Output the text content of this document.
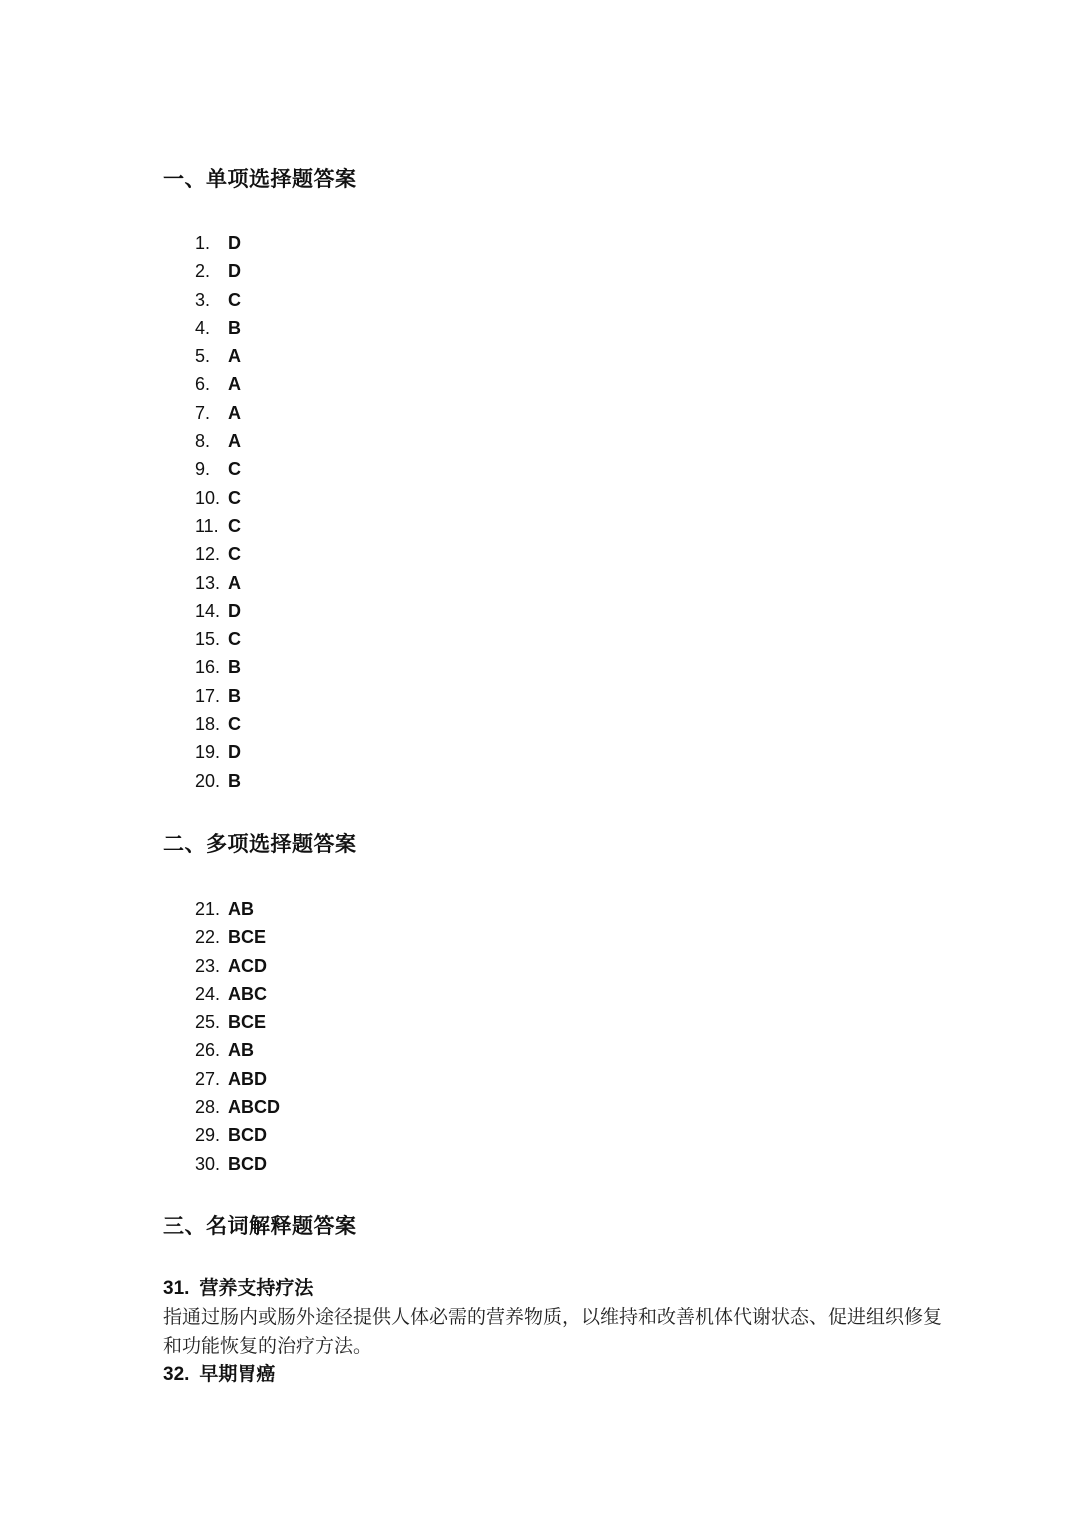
一、单项选择题答案
1. D
2. D
3. C
4. B
5. A
6. A
7. A
8. A
9. C
10. C
11. C
12. C
13. A
14. D
15. C
16. B
17. B
18. C
19. D
20. B
二、多项选择题答案
21. AB
22. BCE
23. ACD
24. ABC
25. BCE
26. AB
27. ABD
28. ABCD
29. BCD
30. BCD
三、名词解释题答案

31. 营养支持疗法

指通过肠内或肠外途径提供人体必需的营养物质，以维持和改善机体代谢状态、促进组织修复和功能恢复的治疗方法。

32. 早期胃癌
